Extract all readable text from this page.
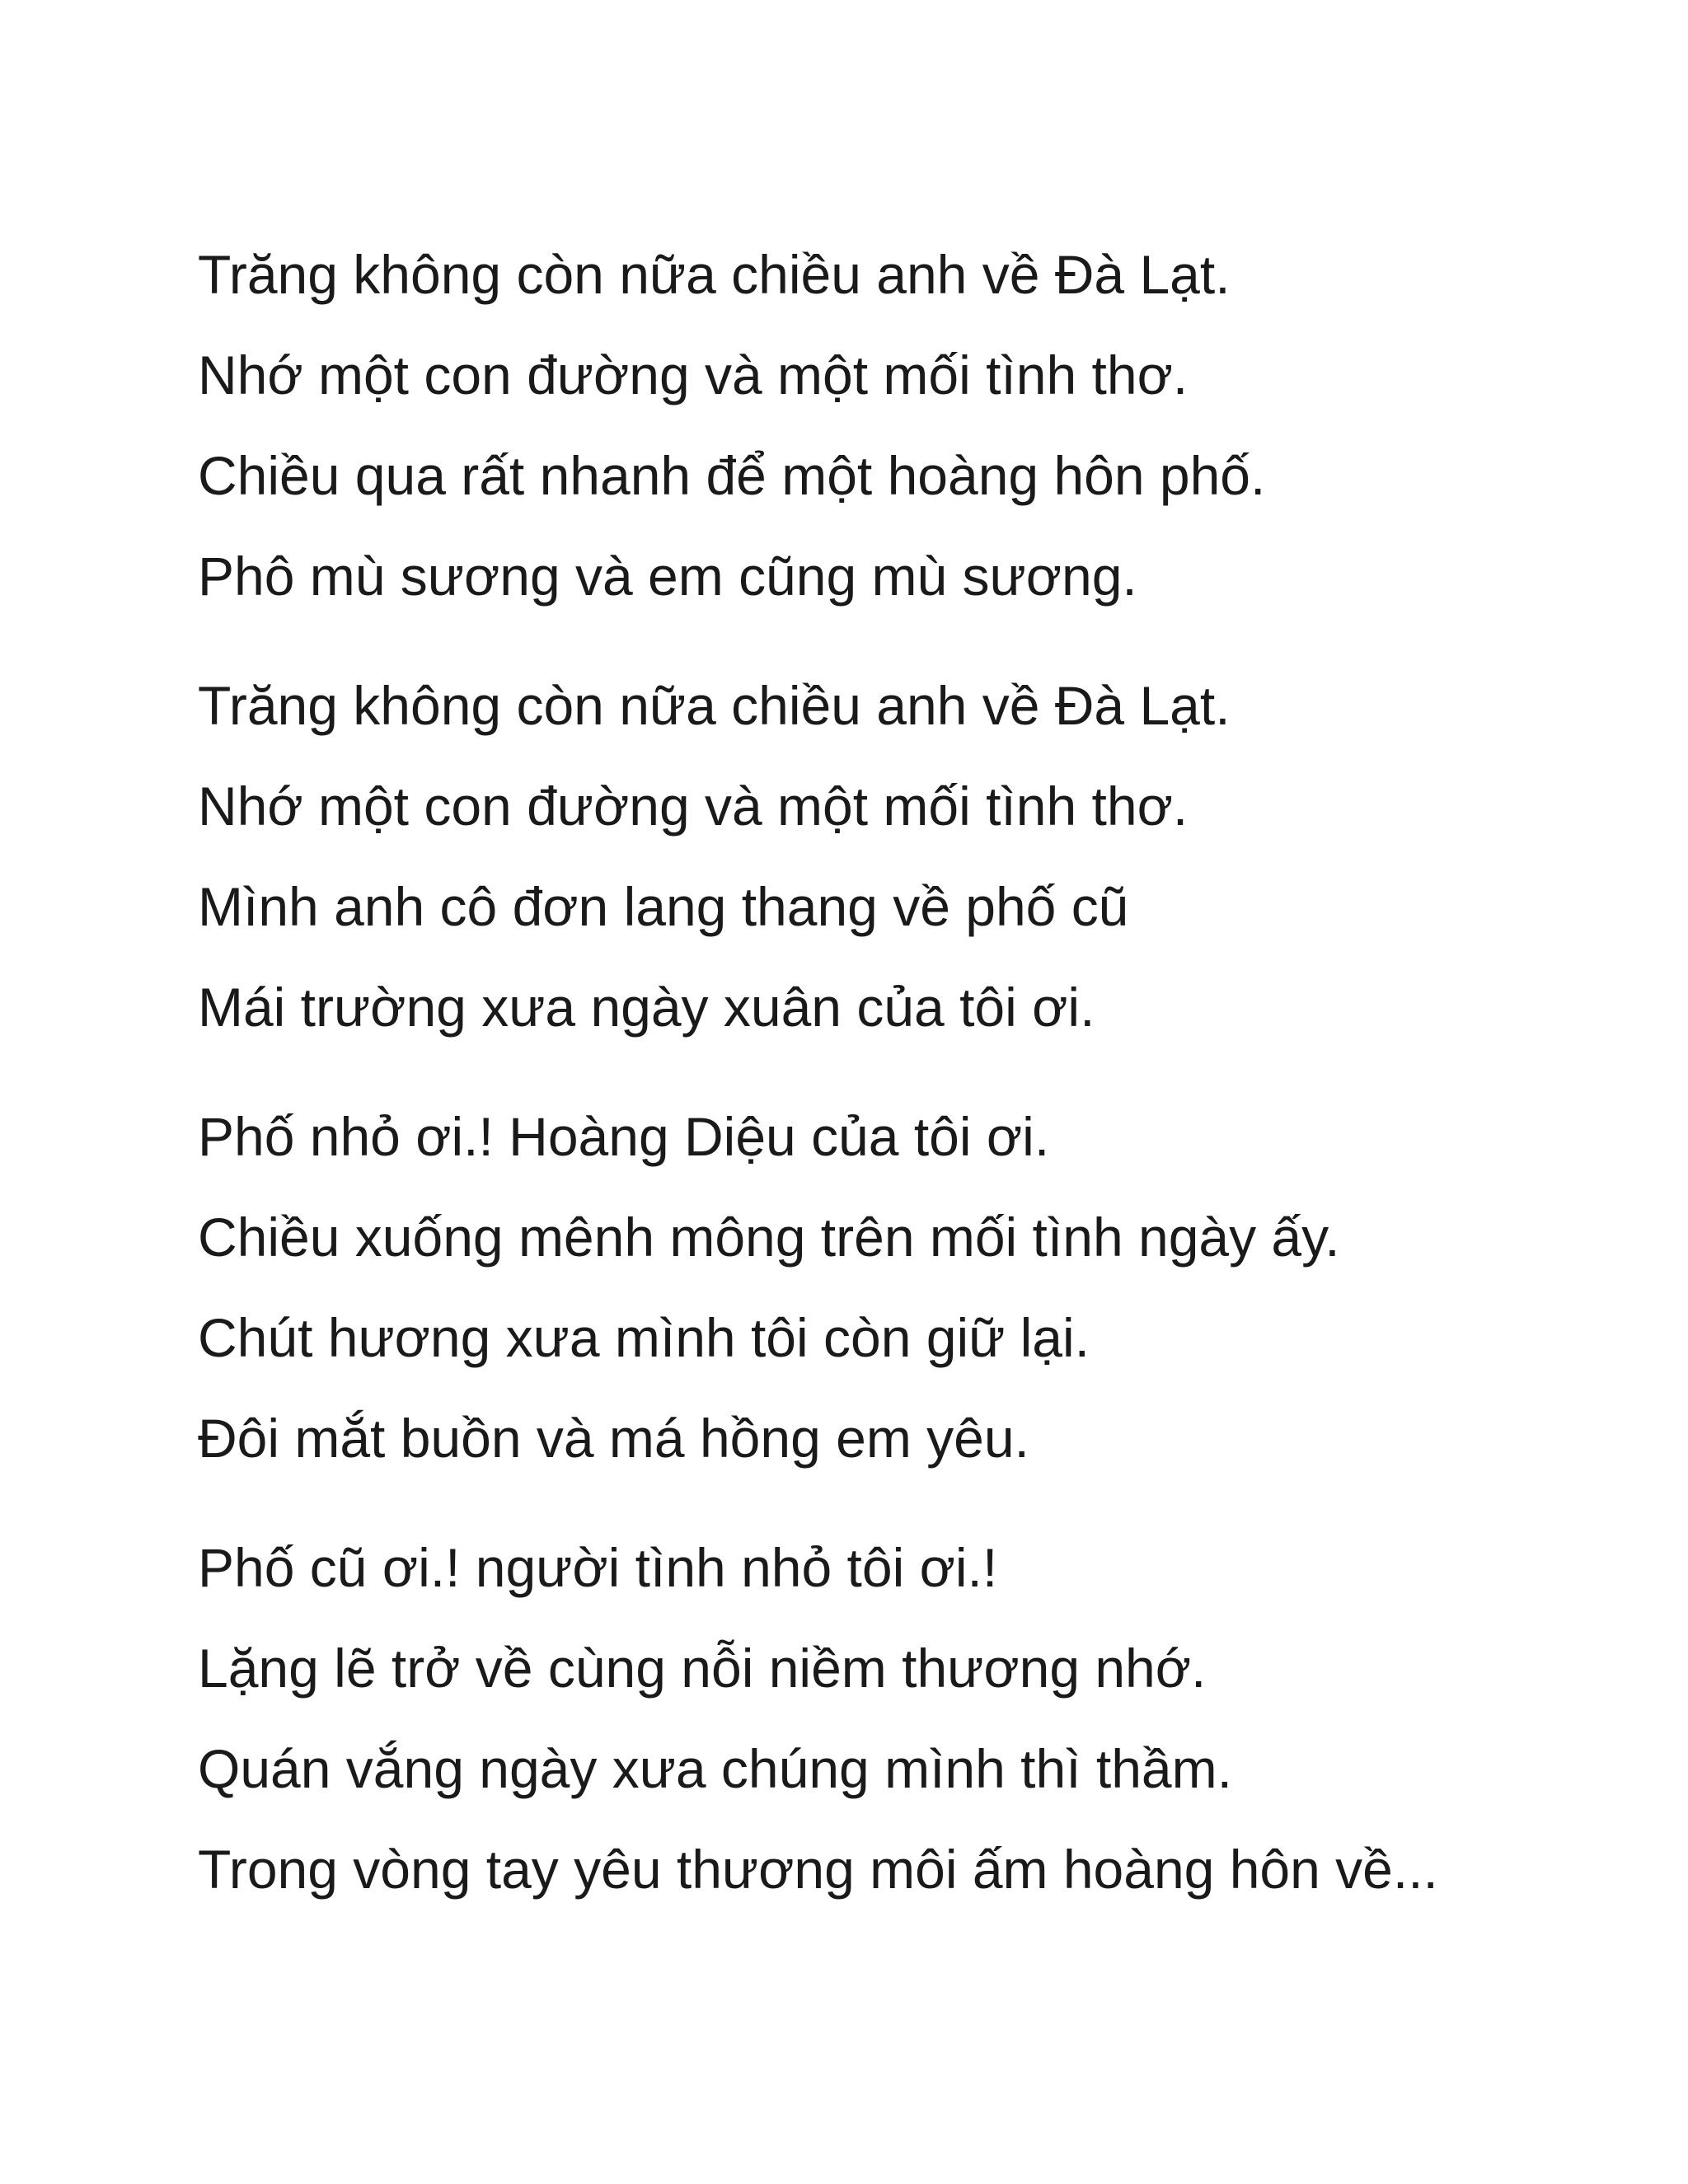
Trăng không còn nữa chiều anh về Đà Lạt.
Nhớ một con đường và một mối tình thơ.
Chiều qua rất nhanh để một hoàng hôn phố.
Phô mù sương và em cũng mù sương.
Trăng không còn nữa chiều anh về Đà Lạt.
Nhớ một con đường và một mối tình thơ.
Mình anh cô đơn lang thang về phố cũ
Mái trường xưa ngày xuân của tôi ơi.
Phố nhỏ ơi.! Hoàng Diệu của tôi ơi.
Chiều xuống mênh mông trên mối tình ngày ấy.
Chút hương xưa mình tôi còn giữ lại.
Đôi mắt buồn và má hồng em yêu.
Phố cũ ơi.! người tình nhỏ tôi ơi.!
Lặng lẽ trở về cùng nỗi niềm thương nhớ.
Quán vắng ngày xưa chúng mình thì thầm.
Trong vòng tay yêu thương môi ấm hoàng hôn về...
